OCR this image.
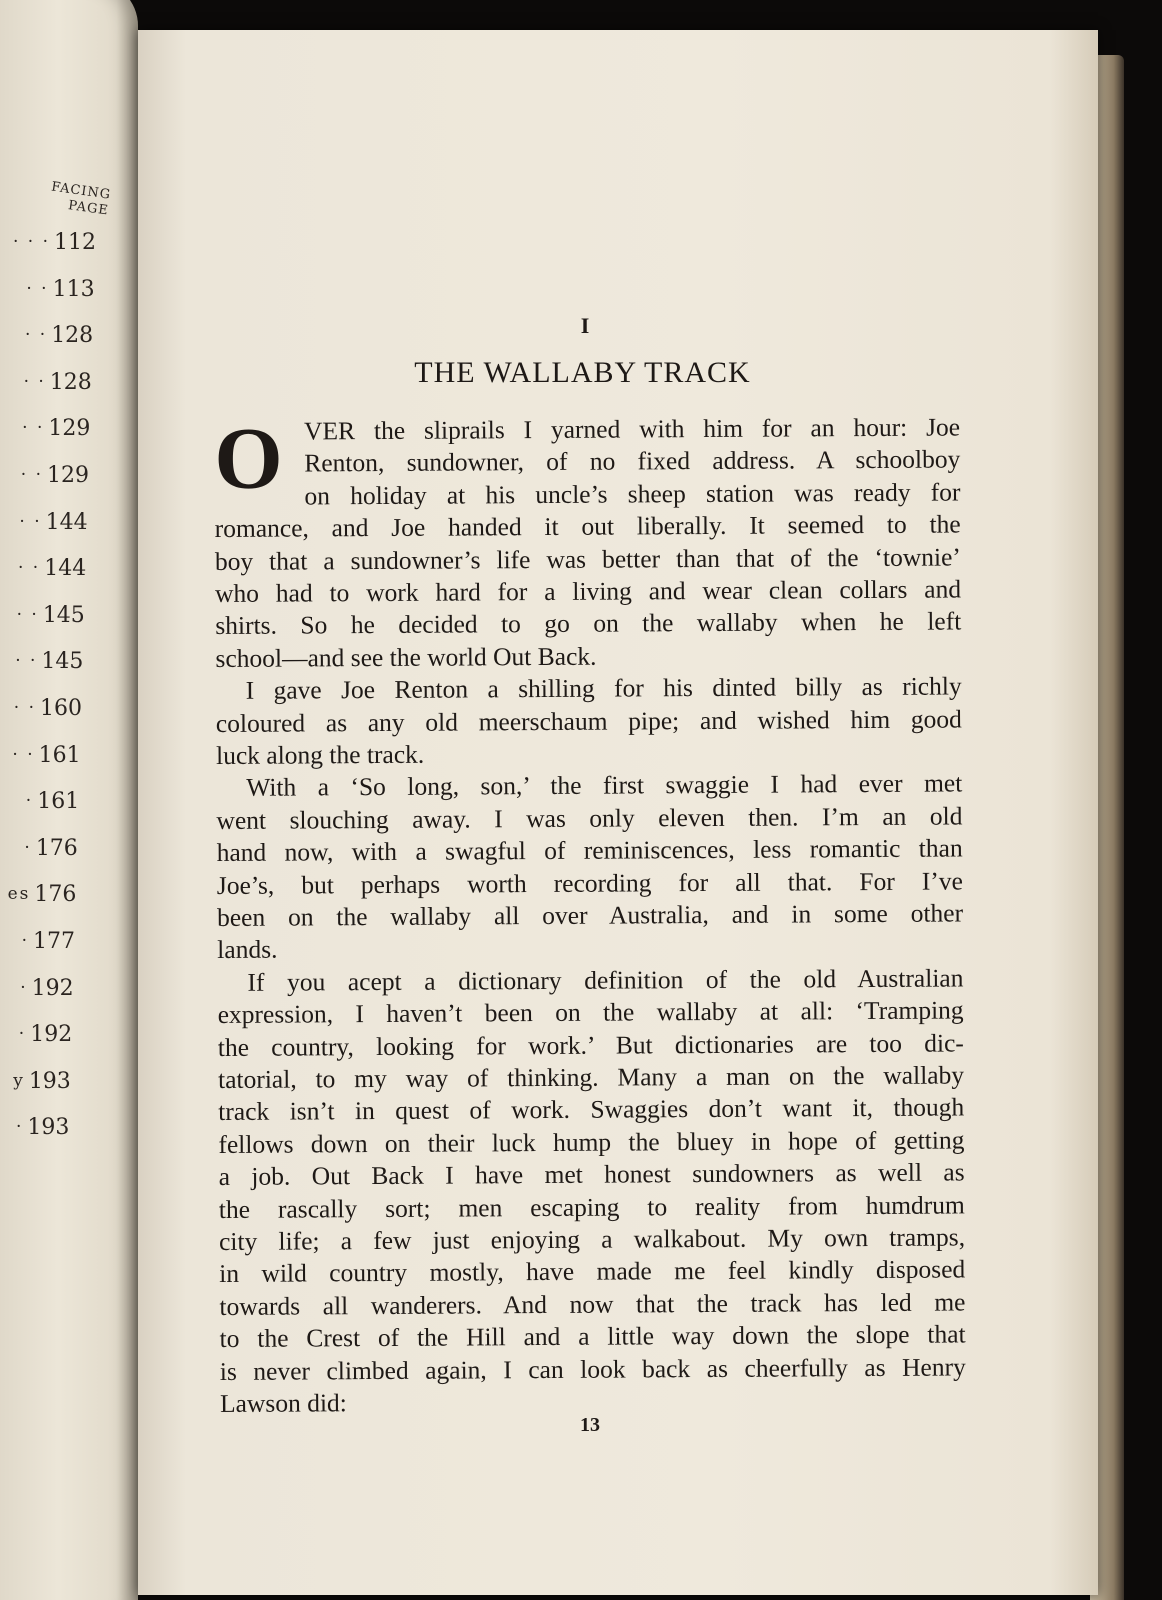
FACING
PAGE
· · · 112
· · 113
· · 128
· · 128
· · 129
· · 129
· · 144
· · 144
· · 145
· · 145
· · 160
· · 161
· 161
· 176
es 176
· 177
· 192
· 192
y 193
· 193
I
THE WALLABY TRACK
O VER the sliprails I yarned with him for an hour: Joe
Renton, sundowner, of no fixed address. A schoolboy
on holiday at his uncle’s sheep station was ready for
romance, and Joe handed it out liberally. It seemed to the
boy that a sundowner’s life was better than that of the ‘townie’
who had to work hard for a living and wear clean collars and
shirts. So he decided to go on the wallaby when he left
school—and see the world Out Back.
I gave Joe Renton a shilling for his dinted billy as richly
coloured as any old meerschaum pipe; and wished him good
luck along the track.
With a ‘So long, son,’ the first swaggie I had ever met
went slouching away. I was only eleven then. I’m an old
hand now, with a swagful of reminiscences, less romantic than
Joe’s, but perhaps worth recording for all that. For I’ve
been on the wallaby all over Australia, and in some other
lands.
If you acept a dictionary definition of the old Australian
expression, I haven’t been on the wallaby at all: ‘Tramping
the country, looking for work.’ But dictionaries are too dic-
tatorial, to my way of thinking. Many a man on the wallaby
track isn’t in quest of work. Swaggies don’t want it, though
fellows down on their luck hump the bluey in hope of getting
a job. Out Back I have met honest sundowners as well as
the rascally sort; men escaping to reality from humdrum
city life; a few just enjoying a walkabout. My own tramps,
in wild country mostly, have made me feel kindly disposed
towards all wanderers. And now that the track has led me
to the Crest of the Hill and a little way down the slope that
is never climbed again, I can look back as cheerfully as Henry
Lawson did:
13
